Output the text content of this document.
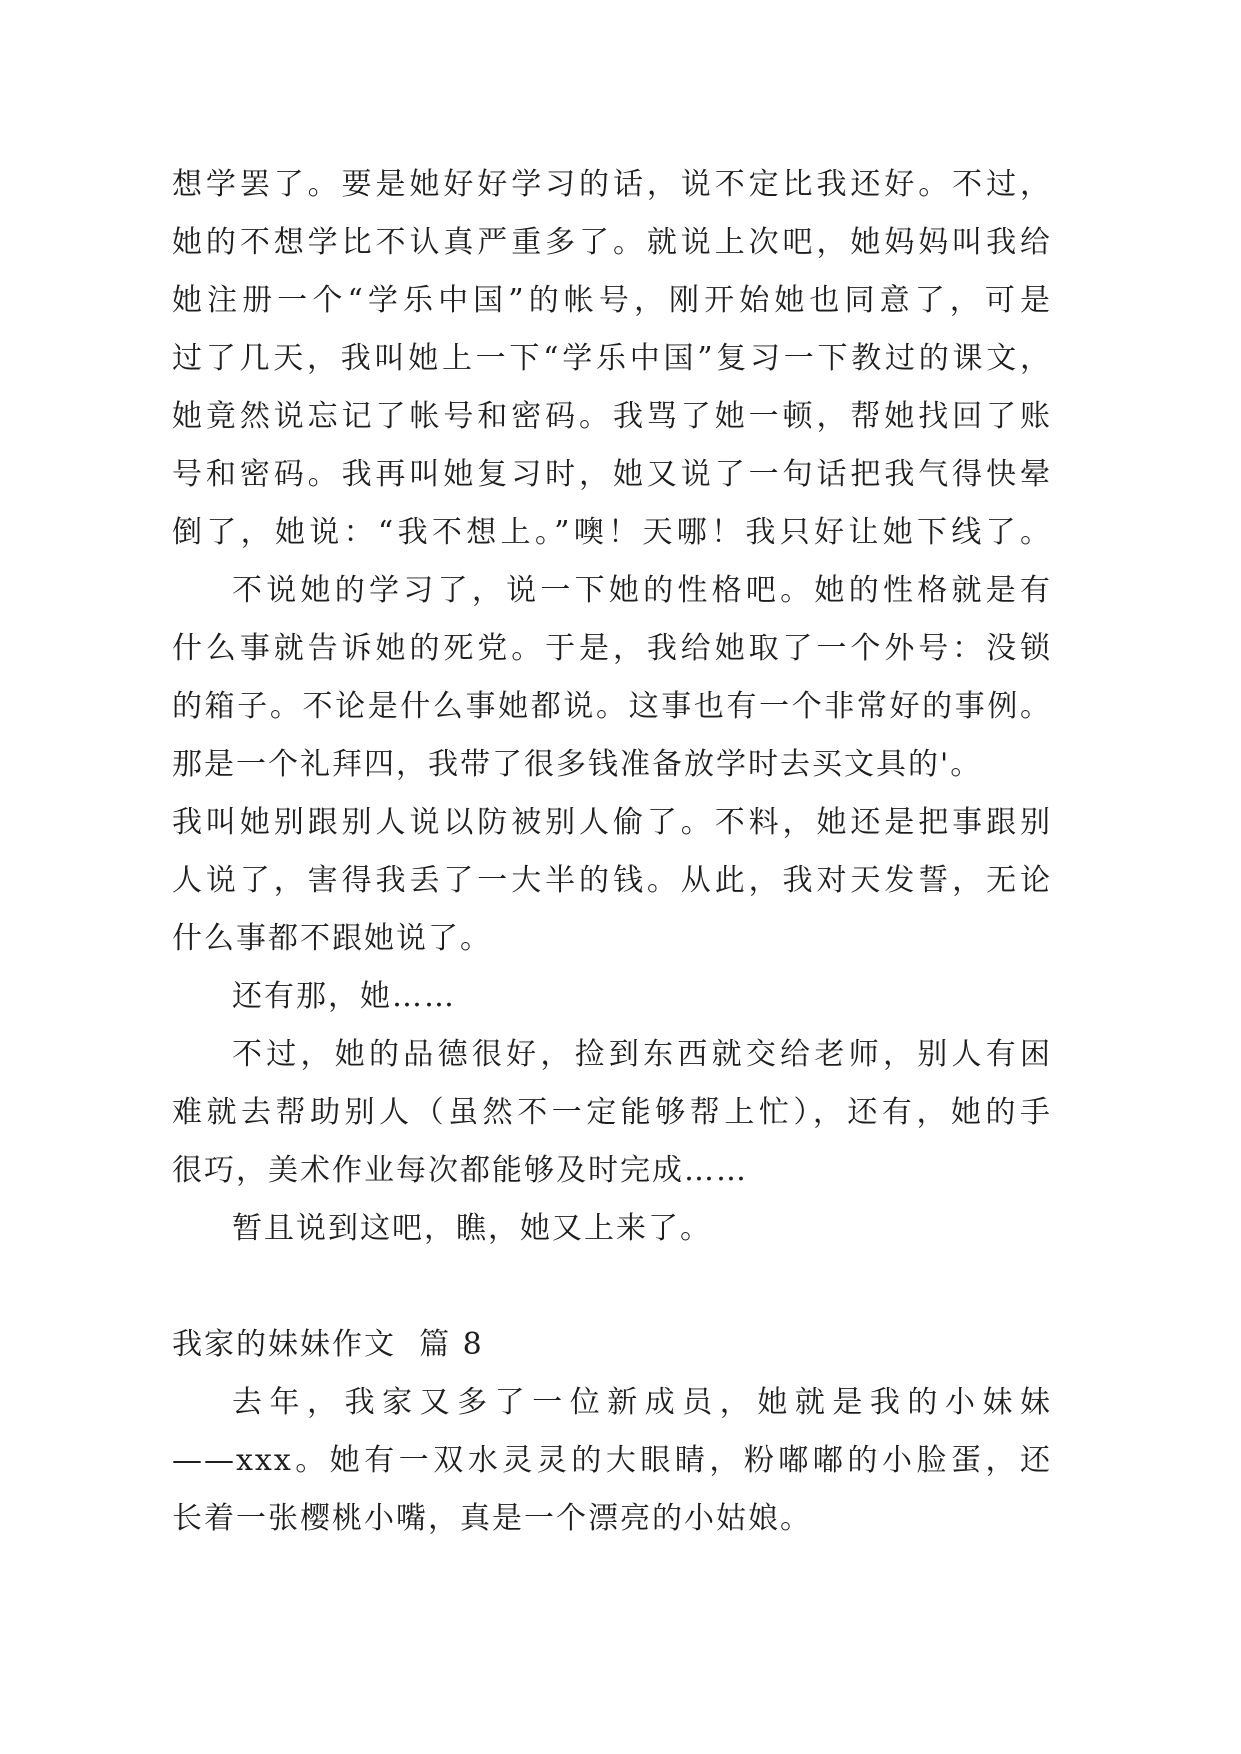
想学罢了。要是她好好学习的话，说不定比我还好。不过，
她的不想学比不认真严重多了。就说上次吧，她妈妈叫我给
她注册一个“学乐中国”的帐号，刚开始她也同意了，可是
过了几天，我叫她上一下“学乐中国”复习一下教过的课文，
她竟然说忘记了帐号和密码。我骂了她一顿，帮她找回了账
号和密码。我再叫她复习时，她又说了一句话把我气得快晕
倒了，她说：“我不想上。”噢！天哪！我只好让她下线了。
不说她的学习了，说一下她的性格吧。她的性格就是有
什么事就告诉她的死党。于是，我给她取了一个外号：没锁
的箱子。不论是什么事她都说。这事也有一个非常好的事例。
那是一个礼拜四，我带了很多钱准备放学时去买文具的'。
我叫她别跟别人说以防被别人偷了。不料，她还是把事跟别
人说了，害得我丢了一大半的钱。从此，我对天发誓，无论
什么事都不跟她说了。
还有那，她……
不过，她的品德很好，捡到东西就交给老师，别人有困
难就去帮助别人（虽然不一定能够帮上忙），还有，她的手
很巧，美术作业每次都能够及时完成……
暂且说到这吧，瞧，她又上来了。
我家的妹妹作文  篇 8
去年，我家又多了一位新成员，她就是我的小妹妹
——xxx。她有一双水灵灵的大眼睛，粉嘟嘟的小脸蛋，还
长着一张樱桃小嘴，真是一个漂亮的小姑娘。
